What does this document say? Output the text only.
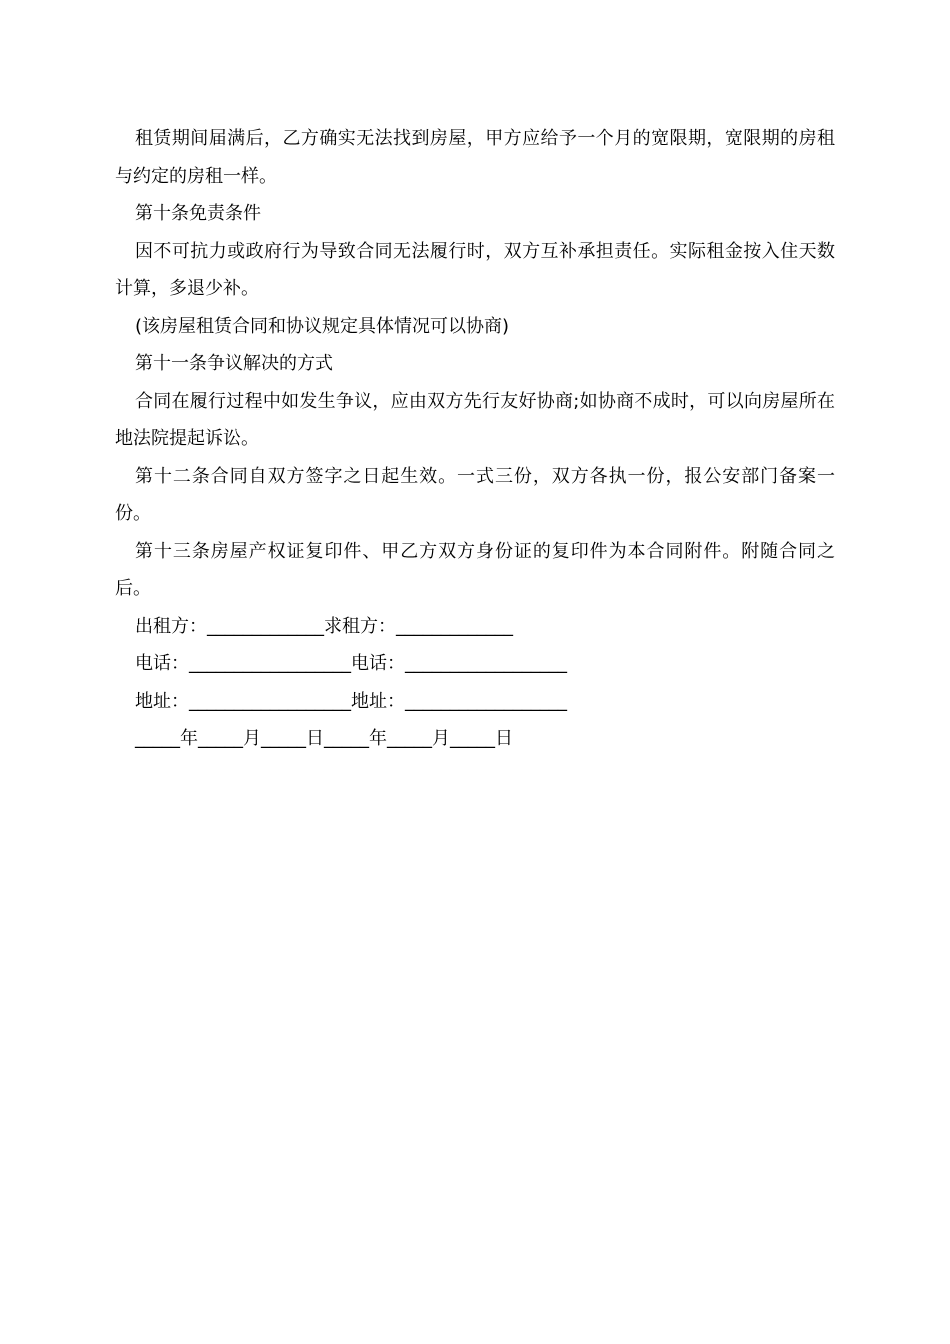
租赁期间届满后，乙方确实无法找到房屋，甲方应给予一个月的宽限期，宽限期的房租与约定的房租一样。

第十条免责条件

因不可抗力或政府行为导致合同无法履行时，双方互补承担责任。实际租金按入住天数计算，多退少补。

(该房屋租赁合同和协议规定具体情况可以协商)

第十一条争议解决的方式

合同在履行过程中如发生争议，应由双方先行友好协商;如协商不成时，可以向房屋所在地法院提起诉讼。

第十二条合同自双方签字之日起生效。一式三份，双方各执一份，报公安部门备案一份。

第十三条房屋产权证复印件、甲乙方双方身份证的复印件为本合同附件。附随合同之后。

出租方：_____________求租方：_____________

电话：__________________电话：__________________

地址：__________________地址：__________________

_____年_____月_____日_____年_____月_____日
